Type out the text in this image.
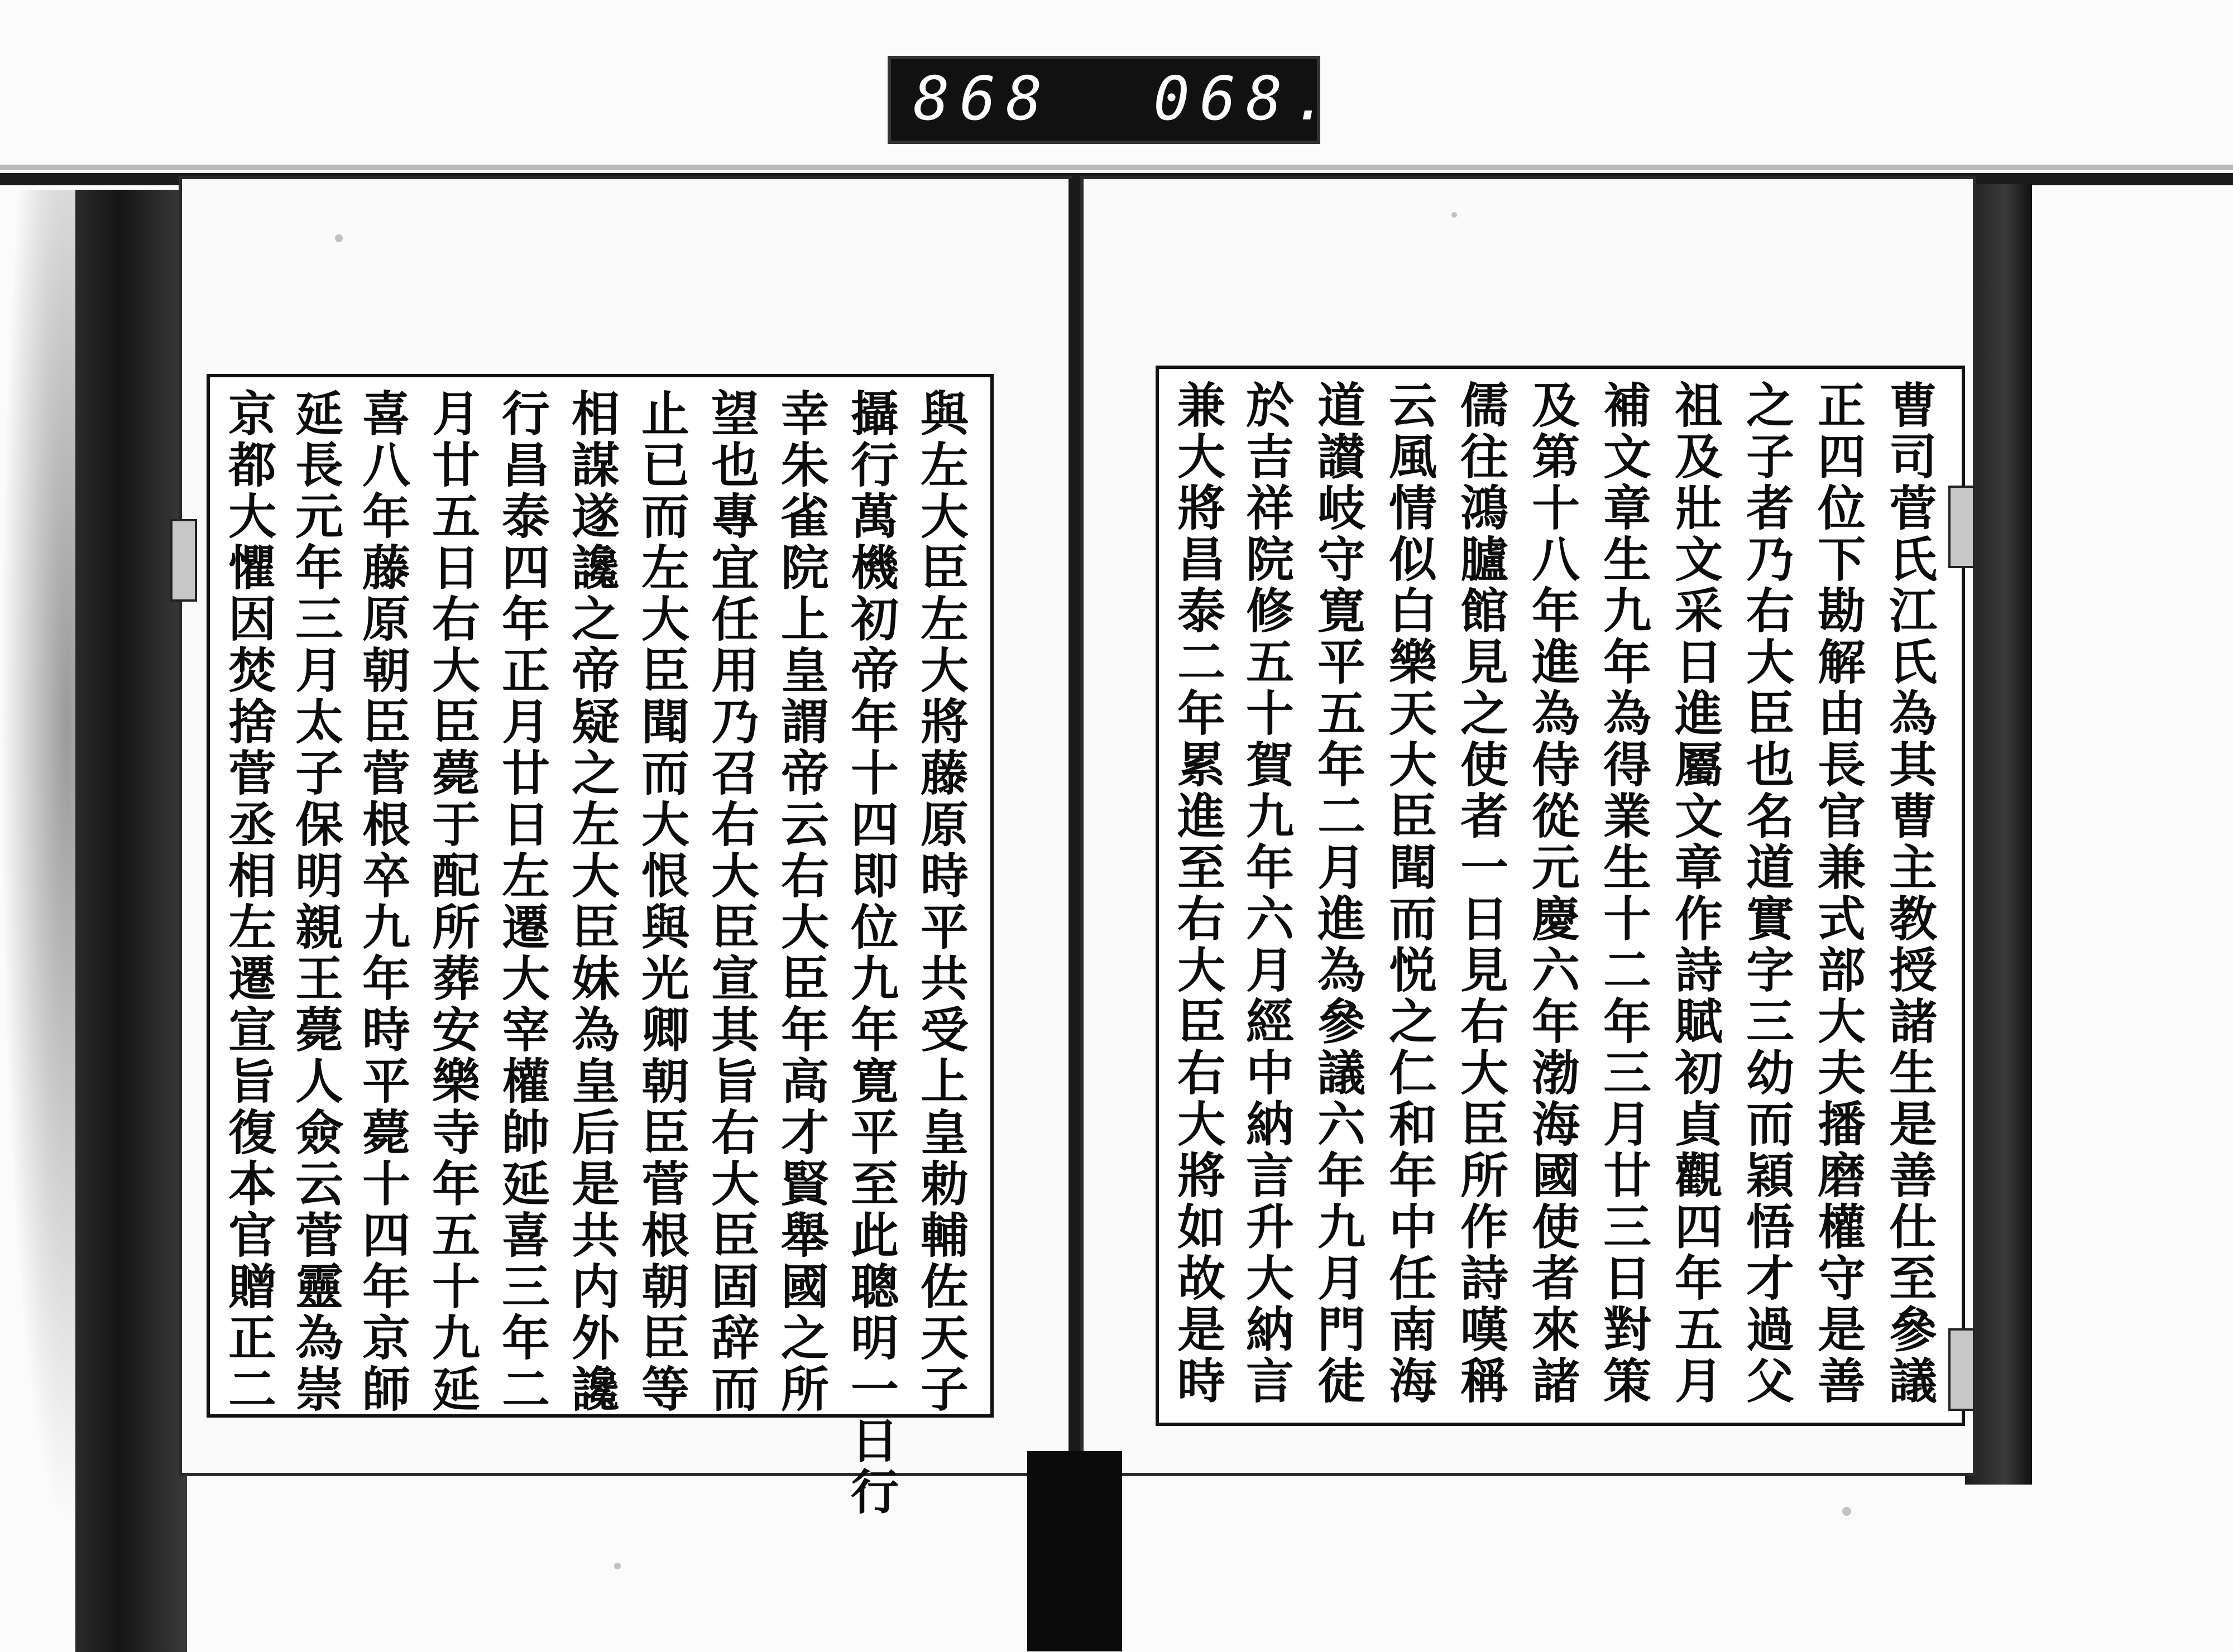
868 068.
與左大臣左大將藤原時平共受上皇勅輔佐天子
攝行萬機初帝年十四即位九年寛平至此聰明一日行
幸朱雀院上皇謂帝云右大臣年高才賢舉國之所
望也專宜任用乃召右大臣宣其旨右大臣固辞而
止已而左大臣聞而大恨與光卿朝臣菅根朝臣等
相謀遂讒之帝疑之左大臣妹為皇后是共内外讒
行昌泰四年正月廿日左遷大宰權帥延喜三年二
月廿五日右大臣薨于配所葬安樂寺年五十九延
喜八年藤原朝臣菅根卒九年時平薨十四年京師
延長元年三月太子保明親王薨人僉云菅靈為崇
京都大懼因焚捨菅丞相左遷宣旨復本官贈正二	曹司菅氏江氏為其曹主教授諸生是善仕至參議
正四位下勘解由長官兼式部大夫播磨權守是善
之子者乃右大臣也名道實字三幼而穎悟才過父
祖及壯文采日進屬文章作詩賦初貞觀四年五月
補文章生九年為得業生十二年三月廿三日對策
及第十八年進為侍從元慶六年渤海國使者來諸
儒往鴻臚館見之使者一日見右大臣所作詩嘆稱
云風情似白樂天大臣聞而悦之仁和年中任南海
道讃岐守寛平五年二月進為參議六年九月門徒
於吉祥院修五十賀九年六月經中納言升大納言
兼大將昌泰二年累進至右大臣右大將如故是時
